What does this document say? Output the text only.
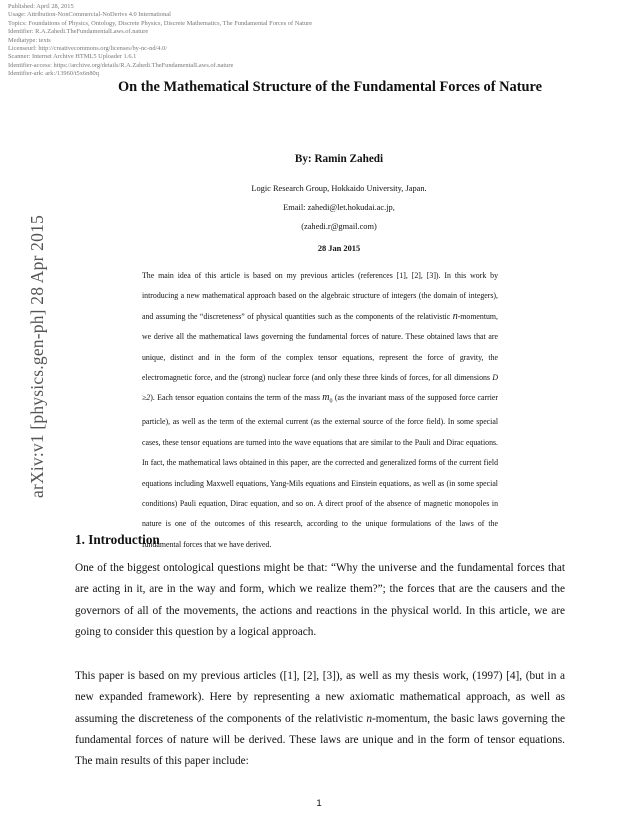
Published: April 28, 2015
Usage: Attribution-NonCommercial-NoDerivs 4.0 International
Topics: Foundations of Physics, Ontology, Discrete Physics, Discrete Mathematics, The Fundamental Forces of Nature
Identifier: R.A.Zahedi.TheFundamentalLaws.of.nature
Mediatype: texts
Licenseurl: http://creativecommons.org/licenses/by-nc-nd/4.0/
Scanner: Internet Archive HTML5 Uploader 1.6.1
Identifier-access: https://archive.org/details/R.A.Zahedi.TheFundamentalLaws.of.nature
Identifier-ark: ark:/13960/t5x6n80q
arXiv:v1 [physics.gen-ph] 28 Apr 2015
On the Mathematical Structure of the Fundamental Forces of Nature
By: Ramin Zahedi
Logic Research Group, Hokkaido University, Japan.
Email: zahedi@let.hokudai.ac.jp,
(zahedi.r@gmail.com)
28 Jan 2015

The main idea of this article is based on my previous articles (references [1], [2], [3]). In this work by introducing a new mathematical approach based on the algebraic structure of integers (the domain of integers), and assuming the “discreteness” of physical quantities such as the components of the relativistic n-momentum, we derive all the mathematical laws governing the fundamental forces of nature. These obtained laws that are unique, distinct and in the form of the complex tensor equations, represent the force of gravity, the electromagnetic force, and the (strong) nuclear force (and only these three kinds of forces, for all dimensions D ≥2). Each tensor equation contains the term of the mass $m_0$ (as the invariant mass of the supposed force carrier particle), as well as the term of the external current (as the external source of the force field). In some special cases, these tensor equations are turned into the wave equations that are similar to the Pauli and Dirac equations. In fact, the mathematical laws obtained in this paper, are the corrected and generalized forms of the current field equations including Maxwell equations, Yang-Mils equations and Einstein equations, as well as (in some special conditions) Pauli equation, Dirac equation, and so on. A direct proof of the absence of magnetic monopoles in nature is one of the outcomes of this research, according to the unique formulations of the laws of the fundamental forces that we have derived.

1. Introduction

One of the biggest ontological questions might be that: “Why the universe and the fundamental forces that are acting in it, are in the way and form, which we realize them?”; the forces that are the causers and the governors of all of the movements, the actions and reactions in the physical world. In this article, we are going to consider this question by a logical approach.

This paper is based on my previous articles ([1], [2], [3]), as well as my thesis work, (1997) [4], (but in a new expanded framework). Here by representing a new axiomatic mathematical approach, as well as assuming the discreteness of the components of the relativistic n-momentum, the basic laws governing the fundamental forces of nature will be derived. These laws are unique and in the form of tensor equations. The main results of this paper include:

1
